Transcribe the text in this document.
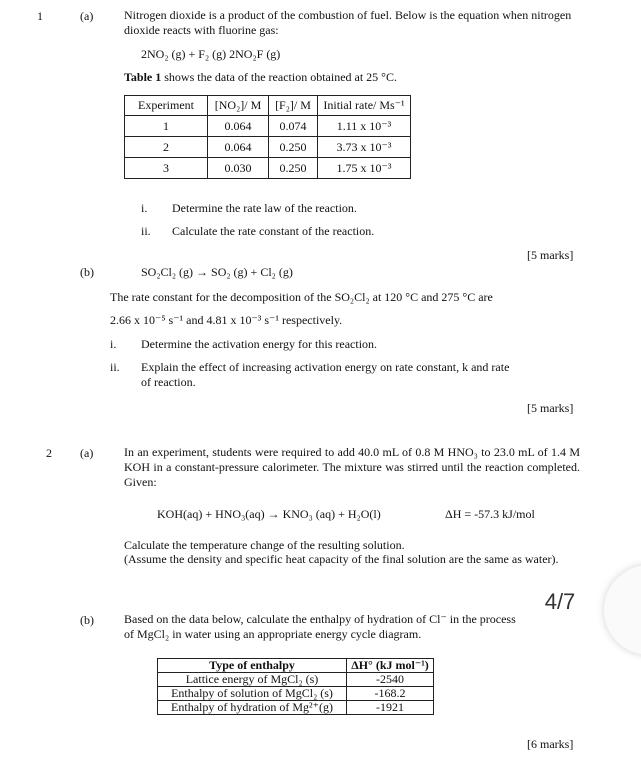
1	(a)	Nitrogen dioxide is a product of the combustion of fuel. Below is the equation when nitrogen dioxide reacts with fluorine gas:
2NO₂ (g) + F₂ (g) 2NO₂F (g)
Table 1 shows the data of the reaction obtained at 25 °C.
Experiment	[NO₂]/ M	[F₂]/ M	Initial rate/ Ms⁻¹
1	0.064	0.074	1.11 x 10⁻³
2	0.064	0.250	3.73 x 10⁻³
3	0.030	0.250	1.75 x 10⁻³
i. Determine the rate law of the reaction.
ii. Calculate the rate constant of the reaction.
[5 marks]
(b)	SO₂Cl₂ (g) → SO₂ (g) + Cl₂ (g)
The rate constant for the decomposition of the SO₂Cl₂ at 120 °C and 275 °C are
2.66 x 10⁻⁵ s⁻¹ and 4.81 x 10⁻³ s⁻¹ respectively.
i. Determine the activation energy for this reaction.
ii. Explain the effect of increasing activation energy on rate constant, k and rate of reaction.
[5 marks]
2 (a)	In an experiment, students were required to add 40.0 mL of 0.8 M HNO₃ to 23.0 mL of 1.4 M KOH in a constant-pressure calorimeter. The mixture was stirred until the reaction completed. Given:
KOH(aq) + HNO₃(aq) → KNO₃ (aq) + H₂O(l)	ΔH = -57.3 kJ/mol
Calculate the temperature change of the resulting solution.
(Assume the density and specific heat capacity of the final solution are the same as water).
(b)	Based on the data below, calculate the enthalpy of hydration of Cl⁻ in the process of MgCl₂ in water using an appropriate energy cycle diagram.
Type of enthalpy	ΔH° (kJ mol⁻¹)
Lattice energy of MgCl₂ (s)	-2540
Enthalpy of solution of MgCl₂ (s)	-168.2
Enthalpy of hydration of Mg²⁺(g)	-1921
[6 marks]
4/7
